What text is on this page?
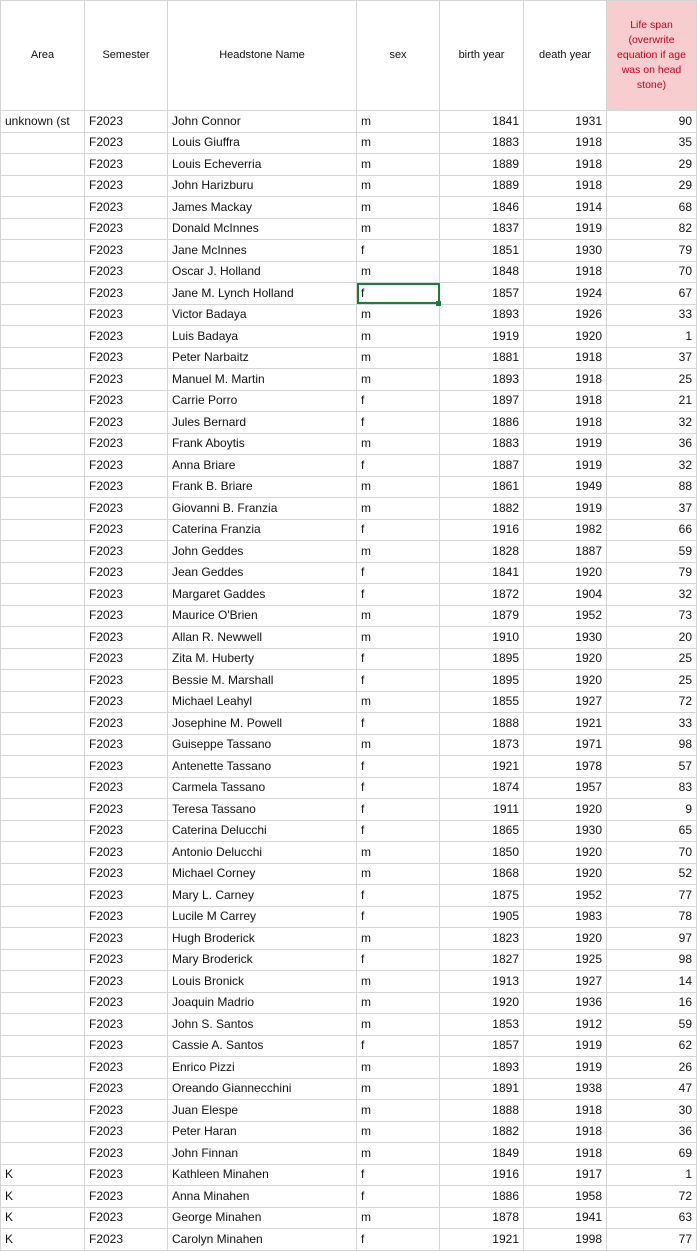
Area	Semester	Headstone Name	sex	birth year	death year	Life span (overwrite equation if age was on head stone)
unknown (st	F2023	John Connor	m	1841	1931	90
	F2023	Louis Giuffra	m	1883	1918	35
	F2023	Louis Echeverria	m	1889	1918	29
	F2023	John Harizburu	m	1889	1918	29
	F2023	James Mackay	m	1846	1914	68
	F2023	Donald McInnes	m	1837	1919	82
	F2023	Jane McInnes	f	1851	1930	79
	F2023	Oscar J. Holland	m	1848	1918	70
	F2023	Jane M. Lynch Holland	f	1857	1924	67
	F2023	Victor Badaya	m	1893	1926	33
	F2023	Luis Badaya	m	1919	1920	1
	F2023	Peter Narbaitz	m	1881	1918	37
	F2023	Manuel M. Martin	m	1893	1918	25
	F2023	Carrie Porro	f	1897	1918	21
	F2023	Jules Bernard	f	1886	1918	32
	F2023	Frank Aboytis	m	1883	1919	36
	F2023	Anna Briare	f	1887	1919	32
	F2023	Frank B. Briare	m	1861	1949	88
	F2023	Giovanni B. Franzia	m	1882	1919	37
	F2023	Caterina Franzia	f	1916	1982	66
	F2023	John Geddes	m	1828	1887	59
	F2023	Jean Geddes	f	1841	1920	79
	F2023	Margaret Gaddes	f	1872	1904	32
	F2023	Maurice O'Brien	m	1879	1952	73
	F2023	Allan R. Newwell	m	1910	1930	20
	F2023	Zita M. Huberty	f	1895	1920	25
	F2023	Bessie M. Marshall	f	1895	1920	25
	F2023	Michael Leahyl	m	1855	1927	72
	F2023	Josephine M. Powell	f	1888	1921	33
	F2023	Guiseppe Tassano	m	1873	1971	98
	F2023	Antenette Tassano	f	1921	1978	57
	F2023	Carmela Tassano	f	1874	1957	83
	F2023	Teresa Tassano	f	1911	1920	9
	F2023	Caterina Delucchi	f	1865	1930	65
	F2023	Antonio Delucchi	m	1850	1920	70
	F2023	Michael Corney	m	1868	1920	52
	F2023	Mary L. Carney	f	1875	1952	77
	F2023	Lucile M Carrey	f	1905	1983	78
	F2023	Hugh Broderick	m	1823	1920	97
	F2023	Mary Broderick	f	1827	1925	98
	F2023	Louis Bronick	m	1913	1927	14
	F2023	Joaquin Madrio	m	1920	1936	16
	F2023	John S. Santos	m	1853	1912	59
	F2023	Cassie A. Santos	f	1857	1919	62
	F2023	Enrico Pizzi	m	1893	1919	26
	F2023	Oreando Giannecchini	m	1891	1938	47
	F2023	Juan Elespe	m	1888	1918	30
	F2023	Peter Haran	m	1882	1918	36
	F2023	John Finnan	m	1849	1918	69
K	F2023	Kathleen Minahen	f	1916	1917	1
K	F2023	Anna Minahen	f	1886	1958	72
K	F2023	George Minahen	m	1878	1941	63
K	F2023	Carolyn Minahen	f	1921	1998	77
